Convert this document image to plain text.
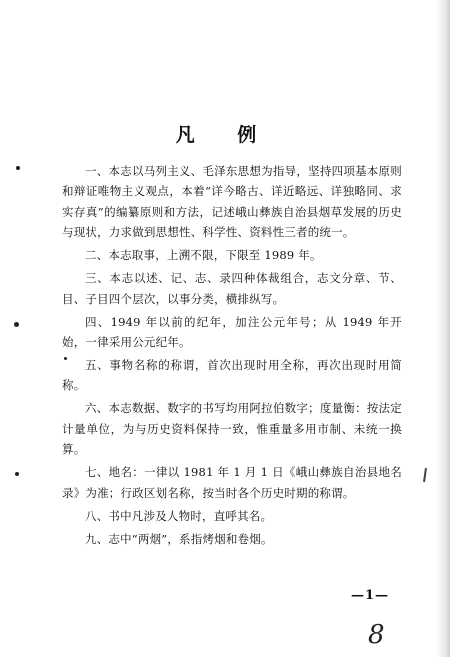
凡 例

一、本志以马列主义、毛泽东思想为指导，坚持四项基本原则和辩证唯物主义观点，本着“详今略古、详近略远、详独略同、求实存真”的编纂原则和方法，记述峨山彝族自治县烟草发展的历史与现状，力求做到思想性、科学性、资料性三者的统一。

二、本志取事，上溯不限，下限至 1989 年。

三、本志以述、记、志、录四种体裁组合，志文分章、节、目、子目四个层次，以事分类，横排纵写。

四、1949 年以前的纪年，加注公元年号；从 1949 年开始，一律采用公元纪年。

五、事物名称的称谓，首次出现时用全称，再次出现时用简称。

六、本志数据、数字的书写均用阿拉伯数字；度量衡：按法定计量单位，为与历史资料保持一致，惟重量多用市制、未统一换算。

七、地名：一律以 1981 年 1 月 1 日《峨山彝族自治县地名录》为准；行政区划名称，按当时各个历史时期的称谓。

八、书中凡涉及人物时，直呼其名。

九、志中“两烟”，系指烤烟和卷烟。

—1—
8
